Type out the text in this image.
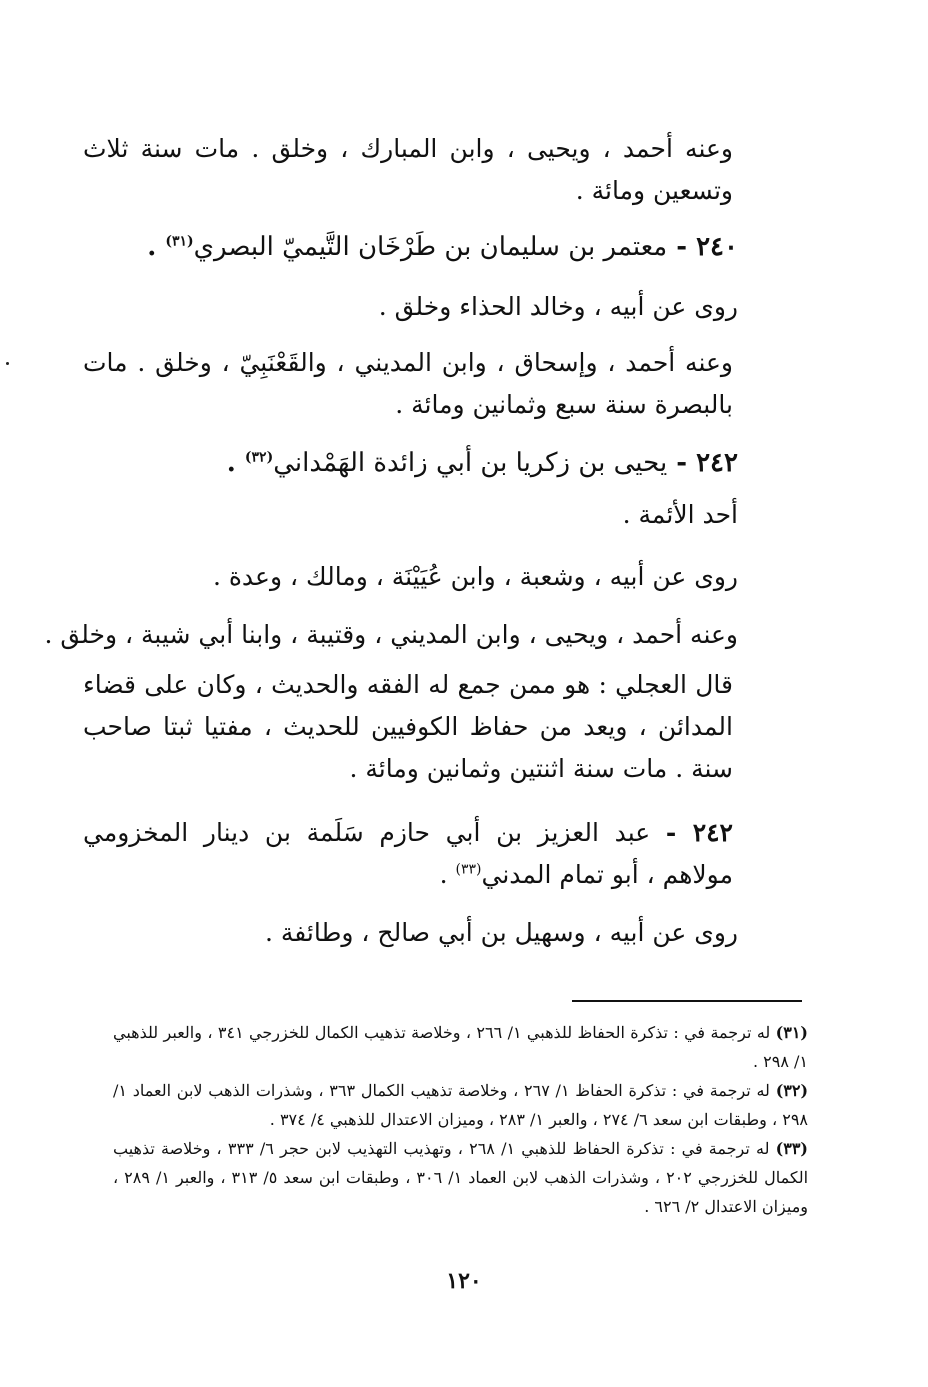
وعنه أحمد ، ويحيى ، وابن المبارك ، وخلق . مات سنة ثلاث وتسعين ومائة .

٢٤٠ - معتمر بن سليمان بن طَرْخَان التَّيميّ البصري$^{(٣١)}$ .
روى عن أبيه ، وخالد الحذاء وخلق .

وعنه أحمد ، وإسحاق ، وابن المديني ، والقَعْنَبِيّ ، وخلق . مات بالبصرة سنة سبع وثمانين ومائة .

٢٤٢ - يحيى بن زكريا بن أبي زائدة الهَمْداني$^{(٣٢)}$ .
أحد الأئمة .
روى عن أبيه ، وشعبة ، وابن عُيَيْنَة ، ومالك ، وعدة .
وعنه أحمد ، ويحيى ، وابن المديني ، وقتيبة ، وابنا أبي شيبة ، وخلق .

قال العجلي : هو ممن جمع له الفقه والحديث ، وكان على قضاء المدائن ، ويعد من حفاظ الكوفيين للحديث ، مفتيا ثبتا صاحب سنة . مات سنة اثنتين وثمانين ومائة .

٢٤٢ - عبد العزيز بن أبي حازم سَلَمة بن دينار المخزومي مولاهم ، أبو تمام المدني$^{(٣٣)}$ .

روى عن أبيه ، وسهيل بن أبي صالح ، وطائفة .

(٣١) له ترجمة في : تذكرة الحفاظ للذهبي ١/ ٢٦٦ ، وخلاصة تذهيب الكمال للخزرجي ٣٤١ ، والعبر للذهبي ١/ ٢٩٨ .

(٣٢) له ترجمة في : تذكرة الحفاظ ١/ ٢٦٧ ، وخلاصة تذهيب الكمال ٣٦٣ ، وشذرات الذهب لابن العماد ١/ ٢٩٨ ، وطبقات ابن سعد ٦/ ٢٧٤ ، والعبر ١/ ٢٨٣ ، وميزان الاعتدال للذهبي ٤/ ٣٧٤ .

(٣٣) له ترجمة في : تذكرة الحفاظ للذهبي ١/ ٢٦٨ ، وتهذيب التهذيب لابن حجر ٦/ ٣٣٣ ، وخلاصة تذهيب الكمال للخزرجي ٢٠٢ ، وشذرات الذهب لابن العماد ١/ ٣٠٦ ، وطبقات ابن سعد ٥/ ٣١٣ ، والعبر ١/ ٢٨٩ ، وميزان الاعتدال ٢/ ٦٢٦ .

١٢٠
